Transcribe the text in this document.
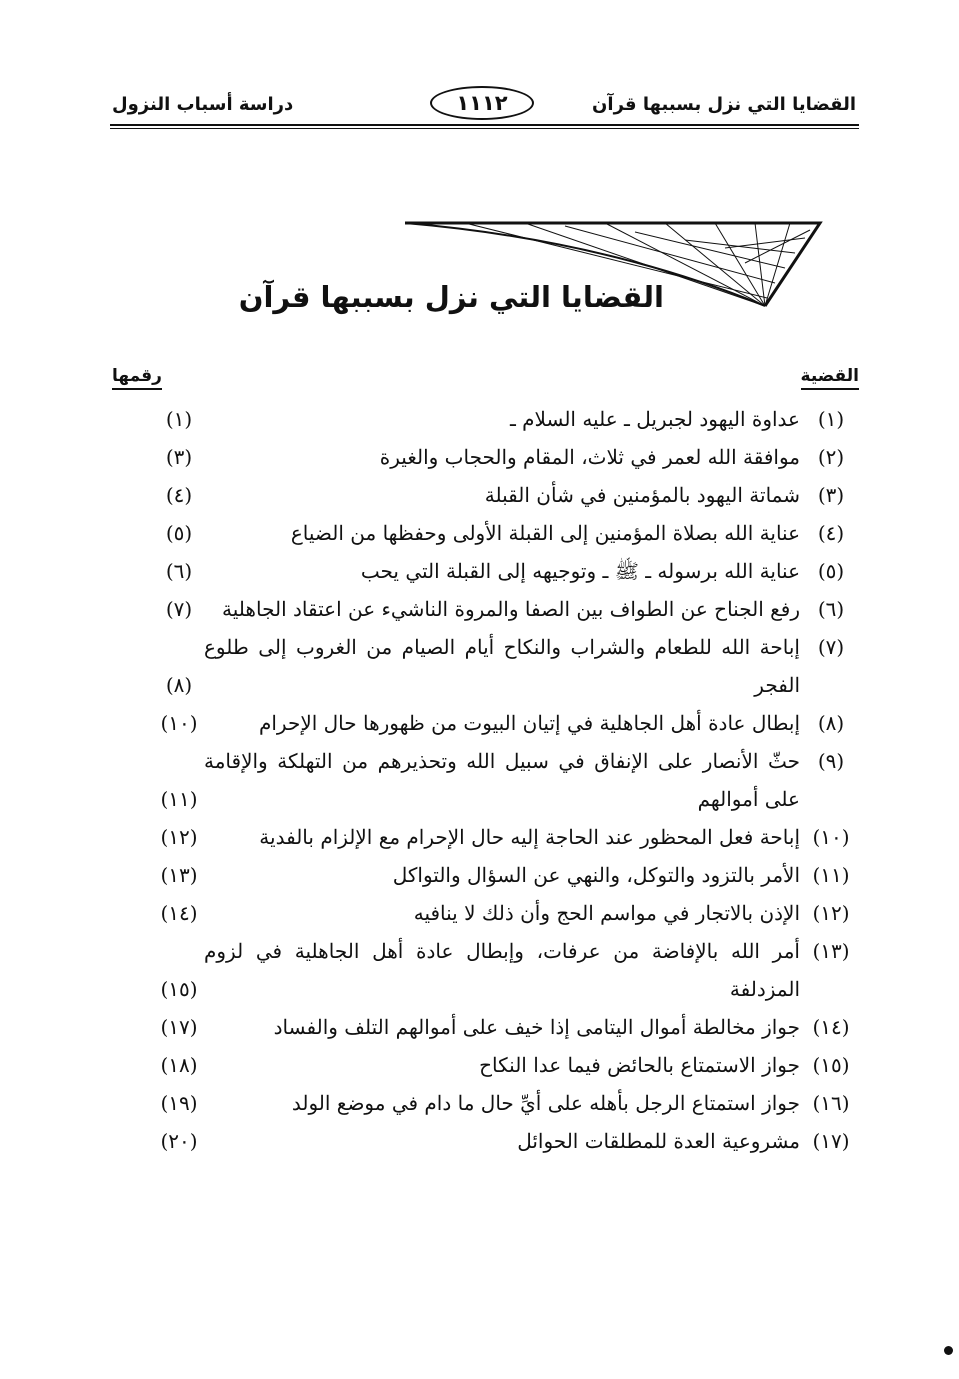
القضايا التي نزل بسببها قرآن
١١١٢
دراسة أسباب النزول
القضايا التي نزل بسببها قرآن
القضية
رقمها
(١)
عداوة اليهود لجبريل ـ عليه السلام ـ
(١)
(٢)
موافقة الله لعمر في ثلاث، المقام والحجاب والغيرة
(٣)
(٣)
شماتة اليهود بالمؤمنين في شأن القبلة
(٤)
(٤)
عناية الله بصلاة المؤمنين إلى القبلة الأولى وحفظها من الضياع
(٥)
(٥)
عناية الله برسوله ـ ﷺ ـ وتوجيهه إلى القبلة التي يحب
(٦)
(٦)
رفع الجناح عن الطواف بين الصفا والمروة الناشيء عن اعتقاد الجاهلية
(٧)
(٧)
إباحة الله للطعام والشراب والنكاح أيام الصيام من الغروب إلى طلوع الفجر
(٨)
(٨)
إبطال عادة أهل الجاهلية في إتيان البيوت من ظهورها حال الإحرام
(١٠)
(٩)
حثّ الأنصار على الإنفاق في سبيل الله وتحذيرهم من التهلكة والإقامة على أموالهم
(١١)
(١٠)
إباحة فعل المحظور عند الحاجة إليه حال الإحرام مع الإلزام بالفدية
(١٢)
(١١)
الأمر بالتزود والتوكل، والنهي عن السؤال والتواكل
(١٣)
(١٢)
الإذن بالاتجار في مواسم الحج وأن ذلك لا ينافيه
(١٤)
(١٣)
أمر الله بالإفاضة من عرفات، وإبطال عادة أهل الجاهلية في لزوم المزدلفة
(١٥)
(١٤)
جواز مخالطة أموال اليتامى إذا خيف على أموالهم التلف والفساد
(١٧)
(١٥)
جواز الاستمتاع بالحائض فيما عدا النكاح
(١٨)
(١٦)
جواز استمتاع الرجل بأهله على أيِّ حال ما دام في موضع الولد
(١٩)
(١٧)
مشروعية العدة للمطلقات الحوائل
(٢٠)
